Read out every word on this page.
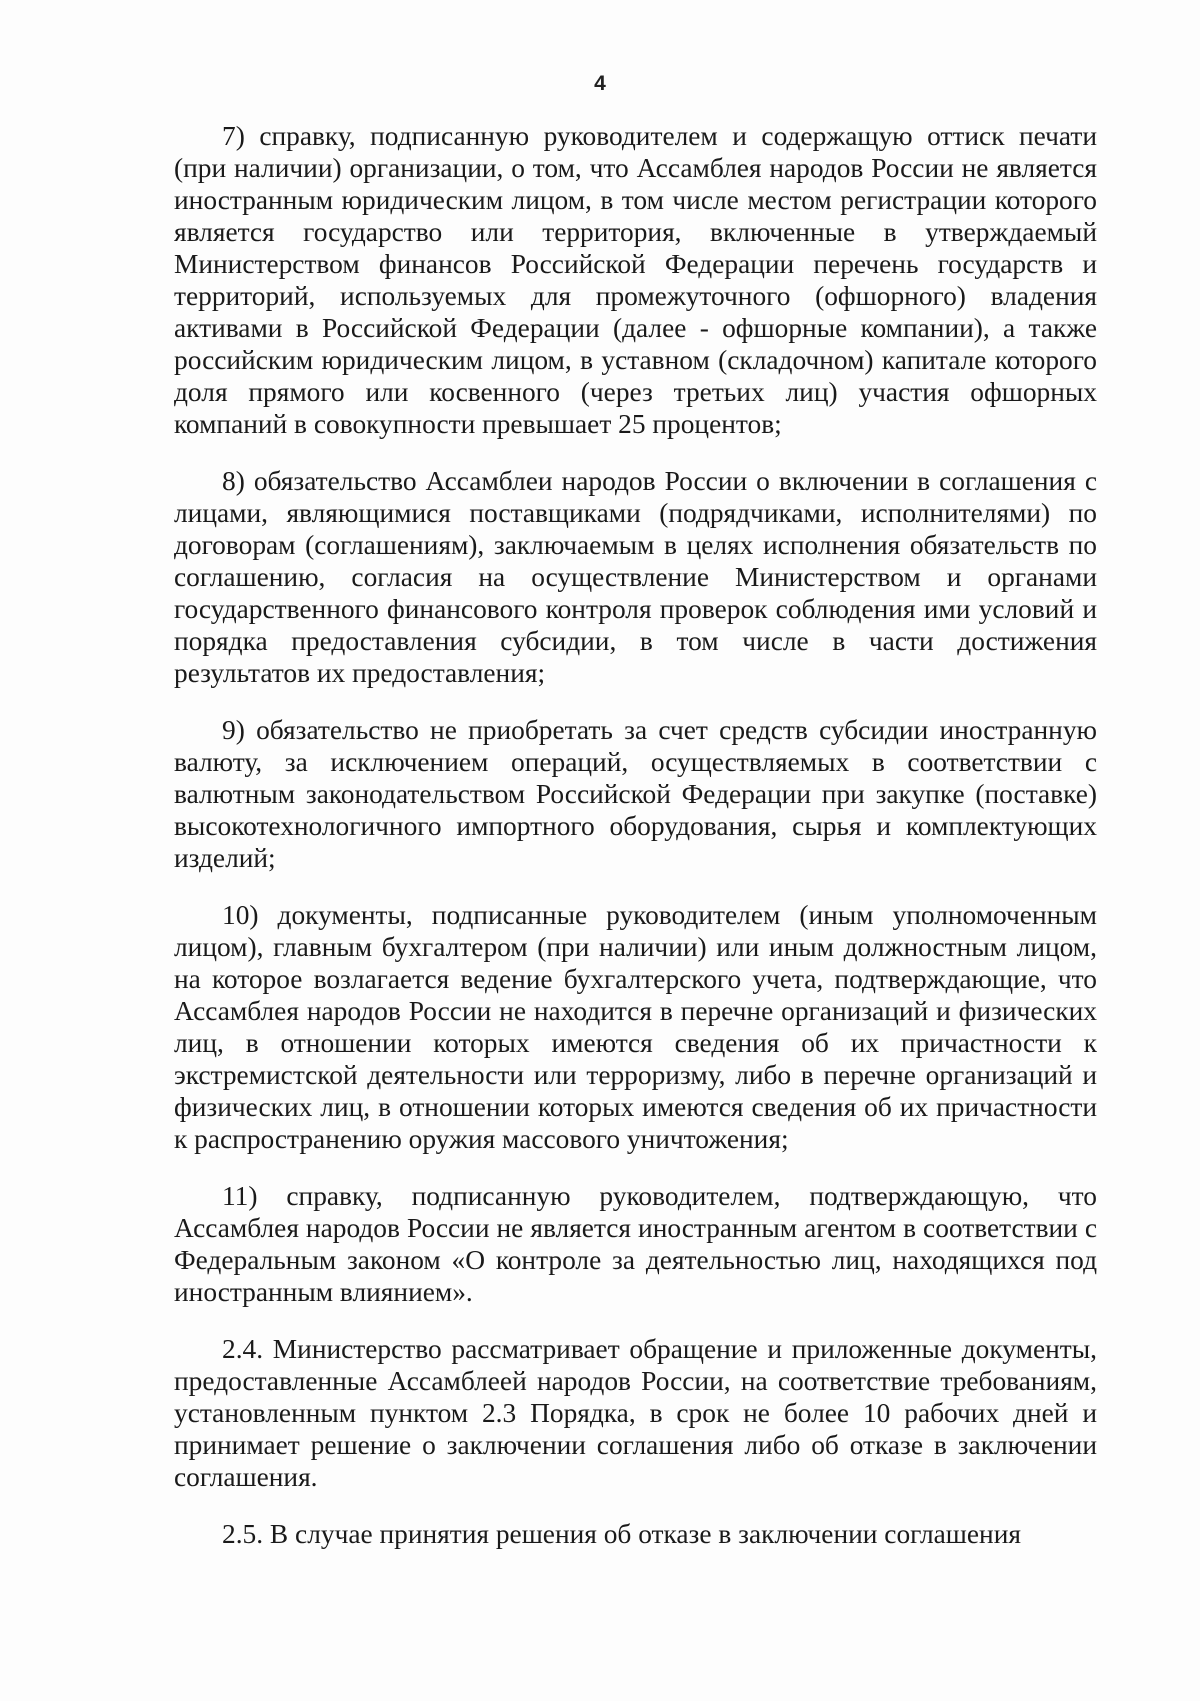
4

7) справку, подписанную руководителем и содержащую оттиск печати (при наличии) организации, о том, что Ассамблея народов России не является иностранным юридическим лицом, в том числе местом регистрации которого является государство или территория, включенные в утверждаемый Министерством финансов Российской Федерации перечень государств и территорий, используемых для промежуточного (офшорного) владения активами в Российской Федерации (далее - офшорные компании), а также российским юридическим лицом, в уставном (складочном) капитале которого доля прямого или косвенного (через третьих лиц) участия офшорных компаний в совокупности превышает 25 процентов;

8) обязательство Ассамблеи народов России о включении в соглашения с лицами, являющимися поставщиками (подрядчиками, исполнителями) по договорам (соглашениям), заключаемым в целях исполнения обязательств по соглашению, согласия на осуществление Министерством и органами государственного финансового контроля проверок соблюдения ими условий и порядка предоставления субсидии, в том числе в части достижения результатов их предоставления;

9) обязательство не приобретать за счет средств субсидии иностранную валюту, за исключением операций, осуществляемых в соответствии с валютным законодательством Российской Федерации при закупке (поставке) высокотехнологичного импортного оборудования, сырья и комплектующих изделий;

10) документы, подписанные руководителем (иным уполномоченным лицом), главным бухгалтером (при наличии) или иным должностным лицом, на которое возлагается ведение бухгалтерского учета, подтверждающие, что Ассамблея народов России не находится в перечне организаций и физических лиц, в отношении которых имеются сведения об их причастности к экстремистской деятельности или терроризму, либо в перечне организаций и физических лиц, в отношении которых имеются сведения об их причастности к распространению оружия массового уничтожения;

11) справку, подписанную руководителем, подтверждающую, что Ассамблея народов России не является иностранным агентом в соответствии с Федеральным законом «О контроле за деятельностью лиц, находящихся под иностранным влиянием».

2.4. Министерство рассматривает обращение и приложенные документы, предоставленные Ассамблеей народов России, на соответствие требованиям, установленным пунктом 2.3 Порядка, в срок не более 10 рабочих дней и принимает решение о заключении соглашения либо об отказе в заключении соглашения.

2.5. В случае принятия решения об отказе в заключении соглашения
